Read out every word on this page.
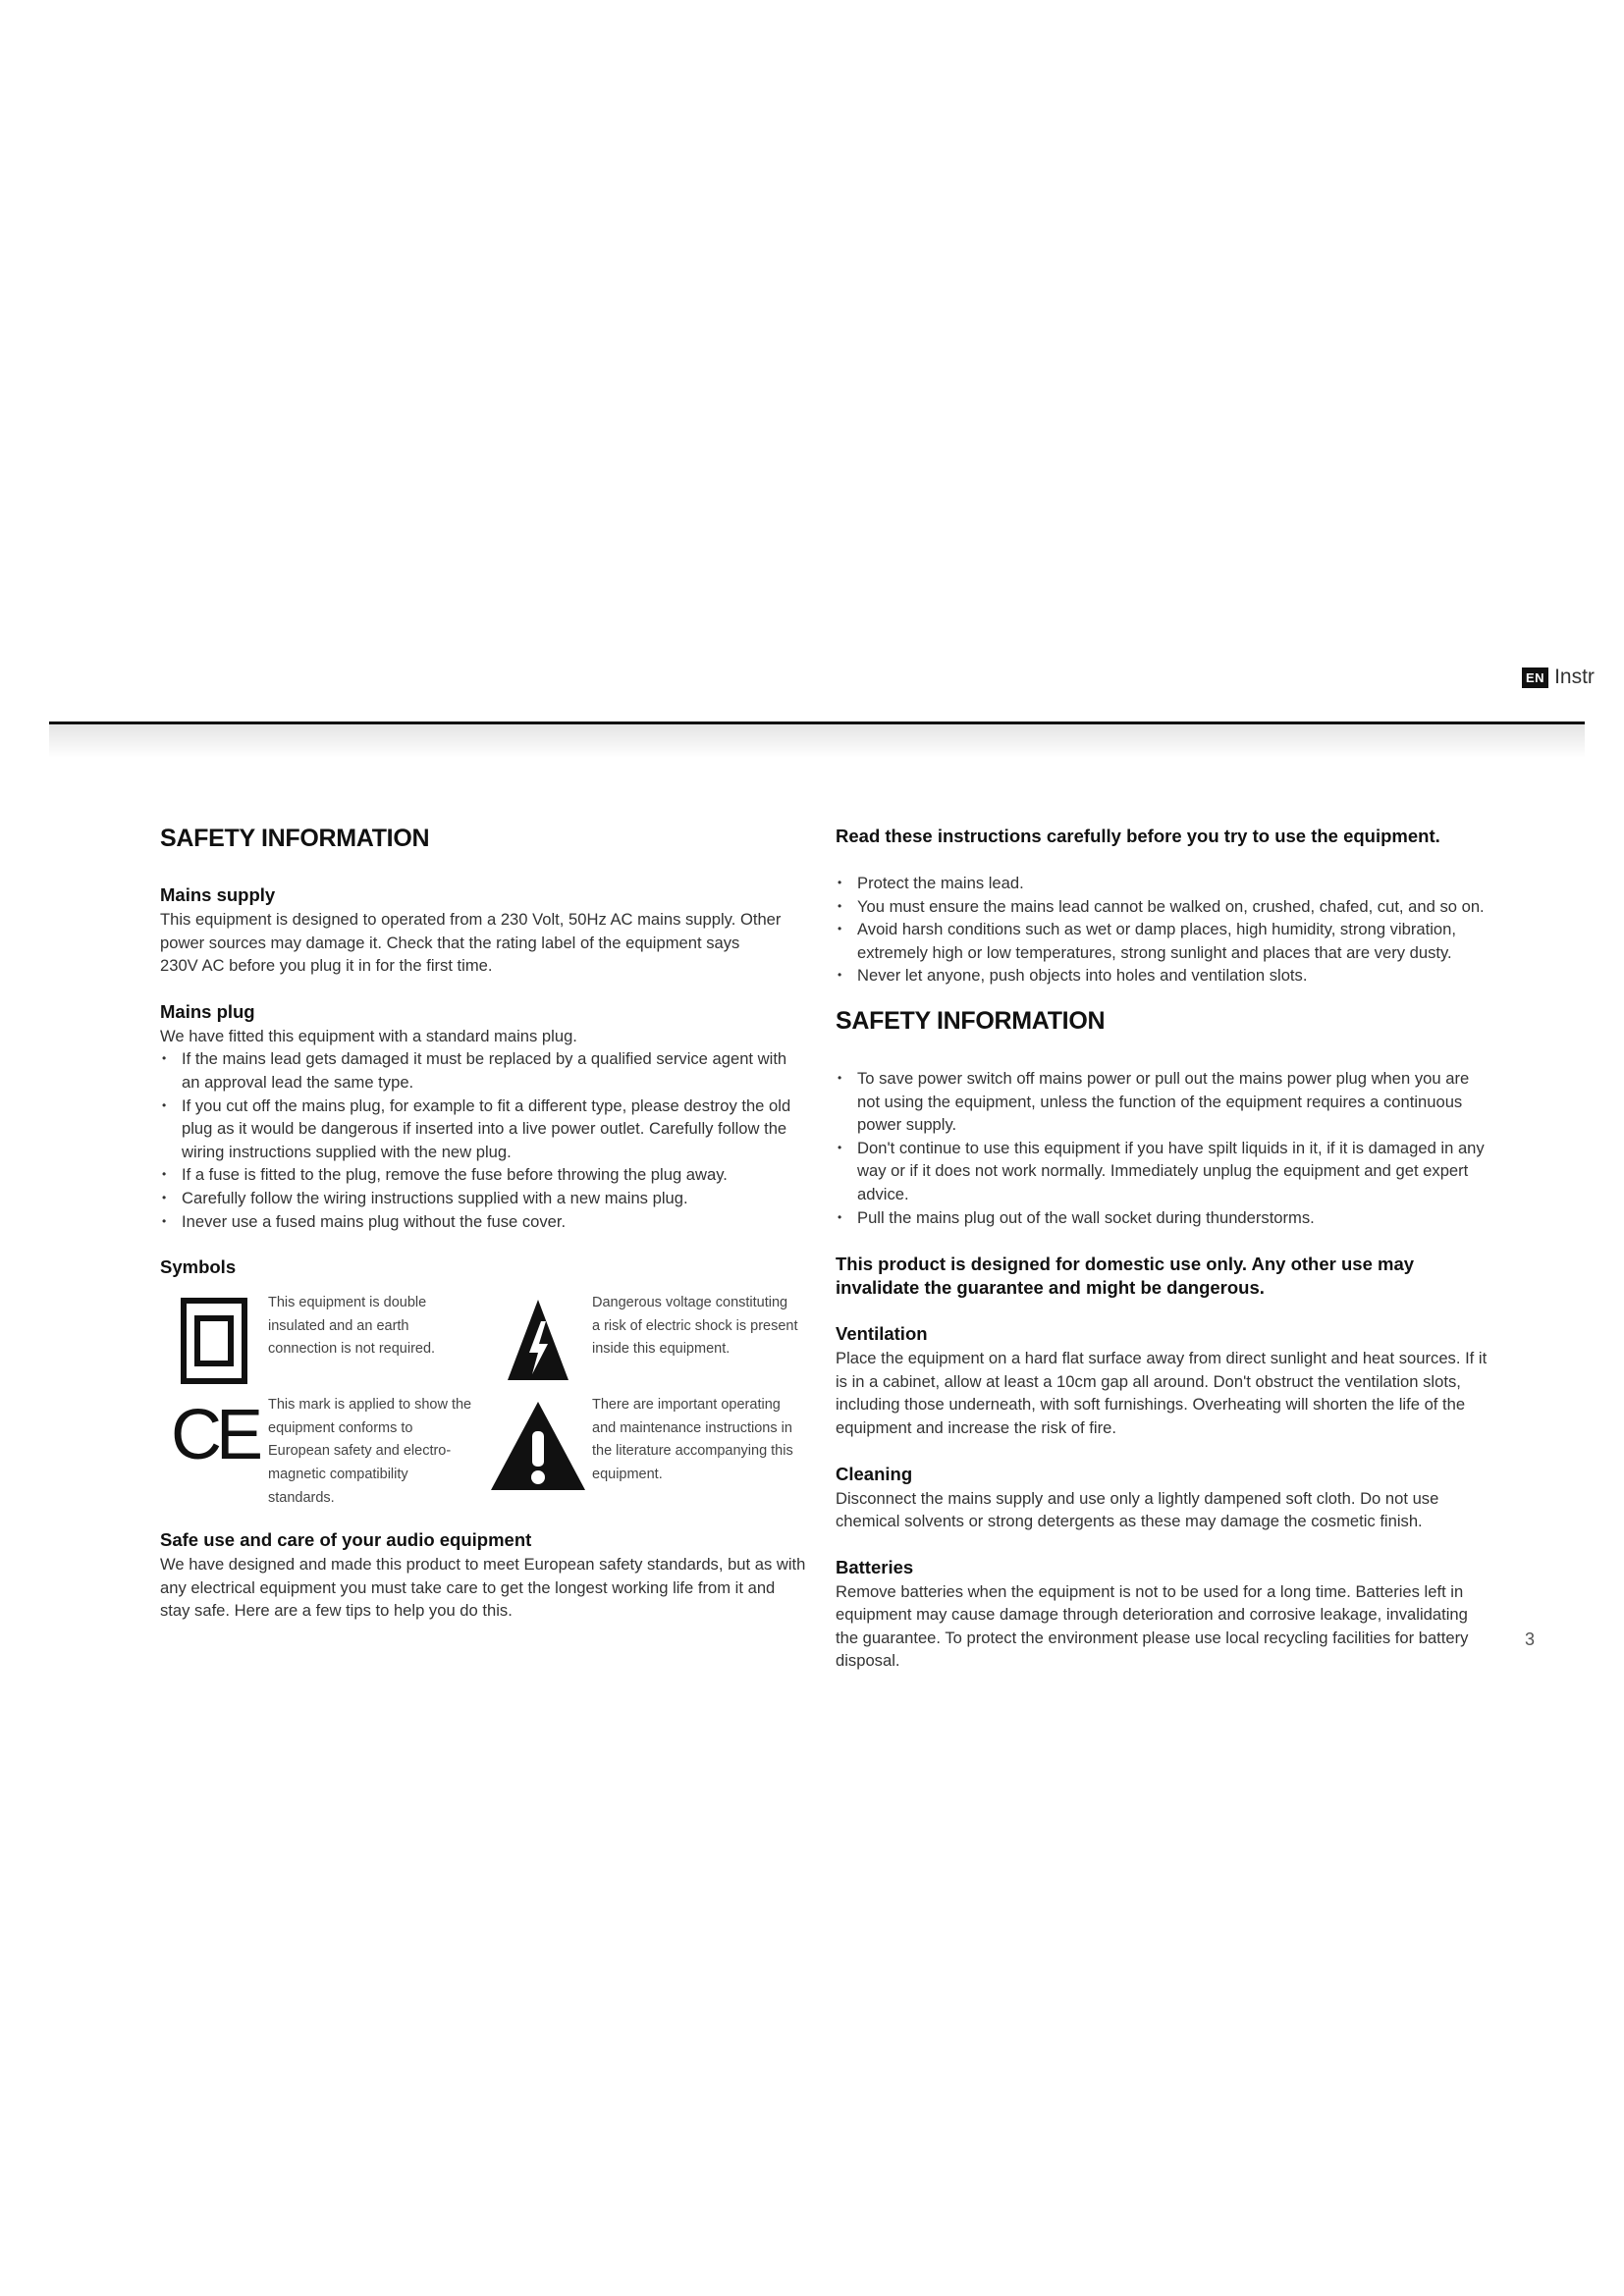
EN Instr
SAFETY INFORMATION
Mains supply

This equipment is designed to operated from a 230 Volt, 50Hz AC mains supply. Other

power sources may damage it. Check that the rating label of the equipment says

230V AC before you plug it in for the first time.

Mains plug

We have fitted this equipment with a standard mains plug.

• If the mains lead gets damaged it must be replaced by a qualified service agent with an approval lead the same type.
• If you cut off the mains plug, for example to fit a different type, please destroy the old plug as it would be dangerous if inserted into a live power outlet. Carefully follow the wiring instructions supplied with the new plug.
• If a fuse is fitted to the plug, remove the fuse before throwing the plug away.
• Carefully follow the wiring instructions supplied with a new mains plug.
• Inever use a fused mains plug without the fuse cover.
Symbols
This equipment is double insulated and an earth connection is not required.
Dangerous voltage constituting a risk of electric shock is present inside this equipment.
CE This mark is applied to show the equipment conforms to European safety and electro-magnetic compatibility standards.
There are important operating and maintenance instructions in the literature accompanying this equipment.
Safe use and care of your audio equipment

We have designed and made this product to meet European safety standards, but as with any electrical equipment you must take care to get the longest working life from it and stay safe. Here are a few tips to help you do this.

Read these instructions carefully before you try to use the equipment.
• Protect the mains lead.
• You must ensure the mains lead cannot be walked on, crushed, chafed, cut, and so on.
• Avoid harsh conditions such as wet or damp places, high humidity, strong vibration, extremely high or low temperatures, strong sunlight and places that are very dusty.
• Never let anyone, push objects into holes and ventilation slots.
SAFETY INFORMATION
• To save power switch off mains power or pull out the mains power plug when you are not using the equipment, unless the function of the equipment requires a continuous power supply.
• Don't continue to use this equipment if you have spilt liquids in it, if it is damaged in any way or if it does not work normally. Immediately unplug the equipment and get expert advice.
• Pull the mains plug out of the wall socket during thunderstorms.
This product is designed for domestic use only. Any other use may invalidate the guarantee and might be dangerous.
Ventilation

Place the equipment on a hard flat surface away from direct sunlight and heat sources. If it is in a cabinet, allow at least a 10cm gap all around. Don't obstruct the ventilation slots, including those underneath, with soft furnishings. Overheating will shorten the life of the equipment and increase the risk of fire.

Cleaning

Disconnect the mains supply and use only a lightly dampened soft cloth. Do not use chemical solvents or strong detergents as these may damage the cosmetic finish.

Batteries

Remove batteries when the equipment is not to be used for a long time. Batteries left in equipment may cause damage through deterioration and corrosive leakage, invalidating the guarantee. To protect the environment please use local recycling facilities for battery disposal.

3
